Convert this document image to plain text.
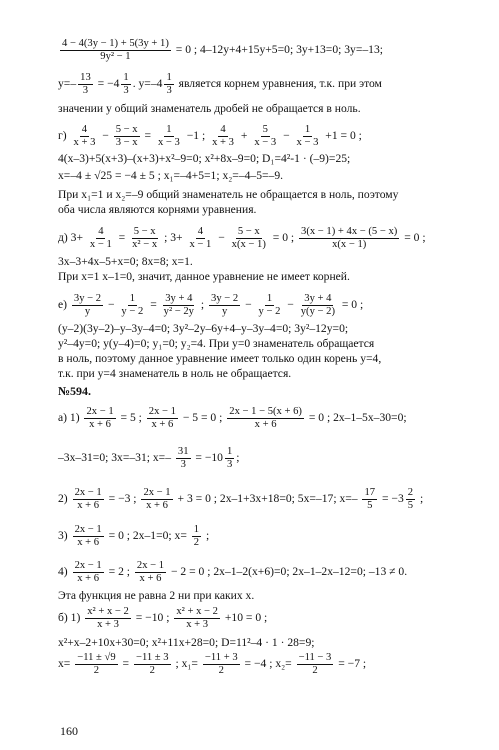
$\frac{4 - 4(3y - 1) + 5(3y + 1)}{\text{9y² − 1}} = 0$ ; 4–12y+4+15y+5=0; 3y+13=0; 3y=–13;
$y=- \frac{13}{3} = -4 \frac{1}{3}$ . $y=-4 \frac{1}{3}$ является корнем уравнения, т.к. при этом
значении y общий знаменатель дробей не обращается в ноль.
$г) \frac{4}{x + 3} - \frac{5 - x}{3 - x} = \frac{1}{x - 3} -1$ ; $\frac{4}{x + 3} + \frac{5}{x - 3} - \frac{1}{x - 3} +1 = 0$ ;
4(x–3)+5(x+3)–(x+3)+x²–9=0; x²+8x–9=0; D₁=4²-1 · (–9)=25;
x=–4 ± √25 = −4 ± 5 ; x₁=–4+5=1; x₂=–4–5=–9.
При x₁=1 и x₂=–9 общий знаменатель не обращается в ноль, поэтому
оба числа являются корнями уравнения.
д) $3+ \frac{4}{x - 1} = \frac{5 - x}{\text{x² − x}}$ ; $3+ \frac{4}{x - 1} - \frac{5 - x}{x(x - 1)} = 0$ ; $\frac{3(x - 1) + 4x - (5 - x)}{x(x - 1)} = 0$ ;
3x–3+4x–5+x=0; 8x=8; x=1.
При x=1 x–1=0, значит, данное уравнение не имеет корней.
$е) \frac{3y - 2}{y} - \frac{1}{y - 2} = \frac{3y + 4}{\text{y² − 2y}}$ ; $\frac{3y - 2}{y} - \frac{1}{y - 2} - \frac{3y + 4}{y(y - 2)} = 0$ ;
(y–2)(3y–2)–y–3y–4=0; 3y²–2y–6y+4–y–3y–4=0; 3y²–12y=0;
y²–4y=0; y(y–4)=0; y₁=0; y₂=4. При y=0 знаменатель обращается
в ноль, поэтому данное уравнение имеет только один корень y=4,
т.к. при y=4 знаменатель в ноль не обращается.
№594.
а) $1) \frac{2x - 1}{x + 6} = 5$ ; $\frac{2x - 1}{x + 6} - 5 = 0$ ; $\frac{2x - 1 - 5(x + 6)}{x + 6} = 0$ ; 2x–1–5x–30=0;
–3x–31=0; 3x=–31; $x=- \frac{31}{3} = -10 \frac{1}{3}$ ;
$2) \frac{2x - 1}{x + 6} = -3$ ; $\frac{2x - 1}{x + 6} + 3 = 0$ ; 2x–1+3x+18=0; 5x=–17; $x=- \frac{17}{5} = -3 \frac{2}{5}$ ;
$3) \frac{2x - 1}{x + 6} = 0$ ; 2x–1=0; $x= \frac{1}{2}$ ;
$4) \frac{2x - 1}{x + 6} = 2$ ; $\frac{2x - 1}{x + 6} - 2 = 0$ ; 2x–1–2(x+6)=0; 2x–1–2x–12=0; –13 ≠ 0.
Эта функция не равна 2 ни при каких x.
б) $1) \frac{\text{x² + x − 2}}{x + 3} = -10$ ; $\frac{\text{x² + x − 2}}{x + 3} +10 = 0$ ;
x²+x–2+10x+30=0; x²+11x+28=0; D=11²–4 · 1 · 28=9;
$x= \frac{-11 \pm √9}{2} = \frac{-11 \pm 3}{2}$ ; $x_1= \frac{-11 + 3}{2} = -4$ ; $x_2= \frac{-11 - 3}{2} = -7$ ;
160
